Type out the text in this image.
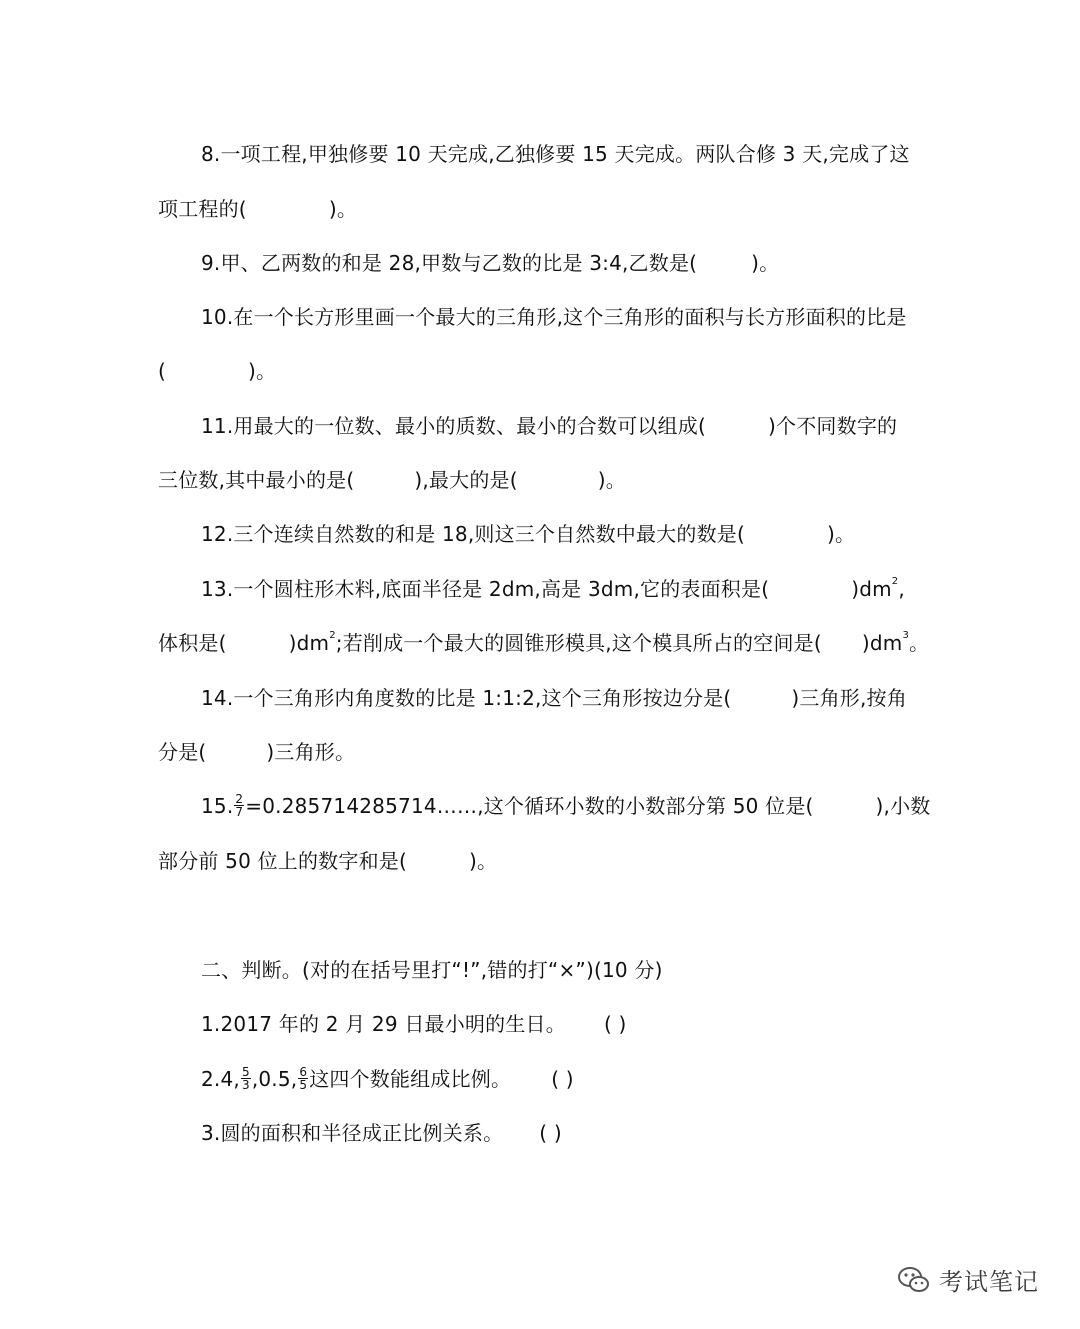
8.一项工程,甲独修要 10 天完成,乙独修要 15 天完成。两队合修 3 天,完成了这
项工程的(	)。
9.甲、乙两数的和是 28,甲数与乙数的比是 3:4,乙数是(	)。
10.在一个长方形里画一个最大的三角形,这个三角形的面积与长方形面积的比是
(	)。
11.用最大的一位数、最小的质数、最小的合数可以组成(	)个不同数字的
三位数,其中最小的是(	),最大的是(	)。
12.三个连续自然数的和是 18,则这三个自然数中最大的数是(	)。
13.一个圆柱形木料,底面半径是 2dm,高是 3dm,它的表面积是(	)$dm^2$,
体积是(	)$dm^2$;若削成一个最大的圆锥形模具,这个模具所占的空间是( )$dm^3$。
14.一个三角形内角度数的比是 1:1:2,这个三角形按边分是(	)三角形,按角
分是(	)三角形。
15. $\frac{2}{7}$ =0.285714285714……,这个循环小数的小数部分第 50 位是(	),小数
部分前 50 位上的数字和是(	)。
二、判断。(对的在括号里打“!”,错的打“×”)(10 分)
1.2017 年的 2 月 29 日最小明的生日。 ( )
2.4, $\frac{5}{3} ,0.5$, $\frac{6}{5}$ 这四个数能组成比例。 ( )
3.圆的面积和半径成正比例关系。 ( )
考试笔记
